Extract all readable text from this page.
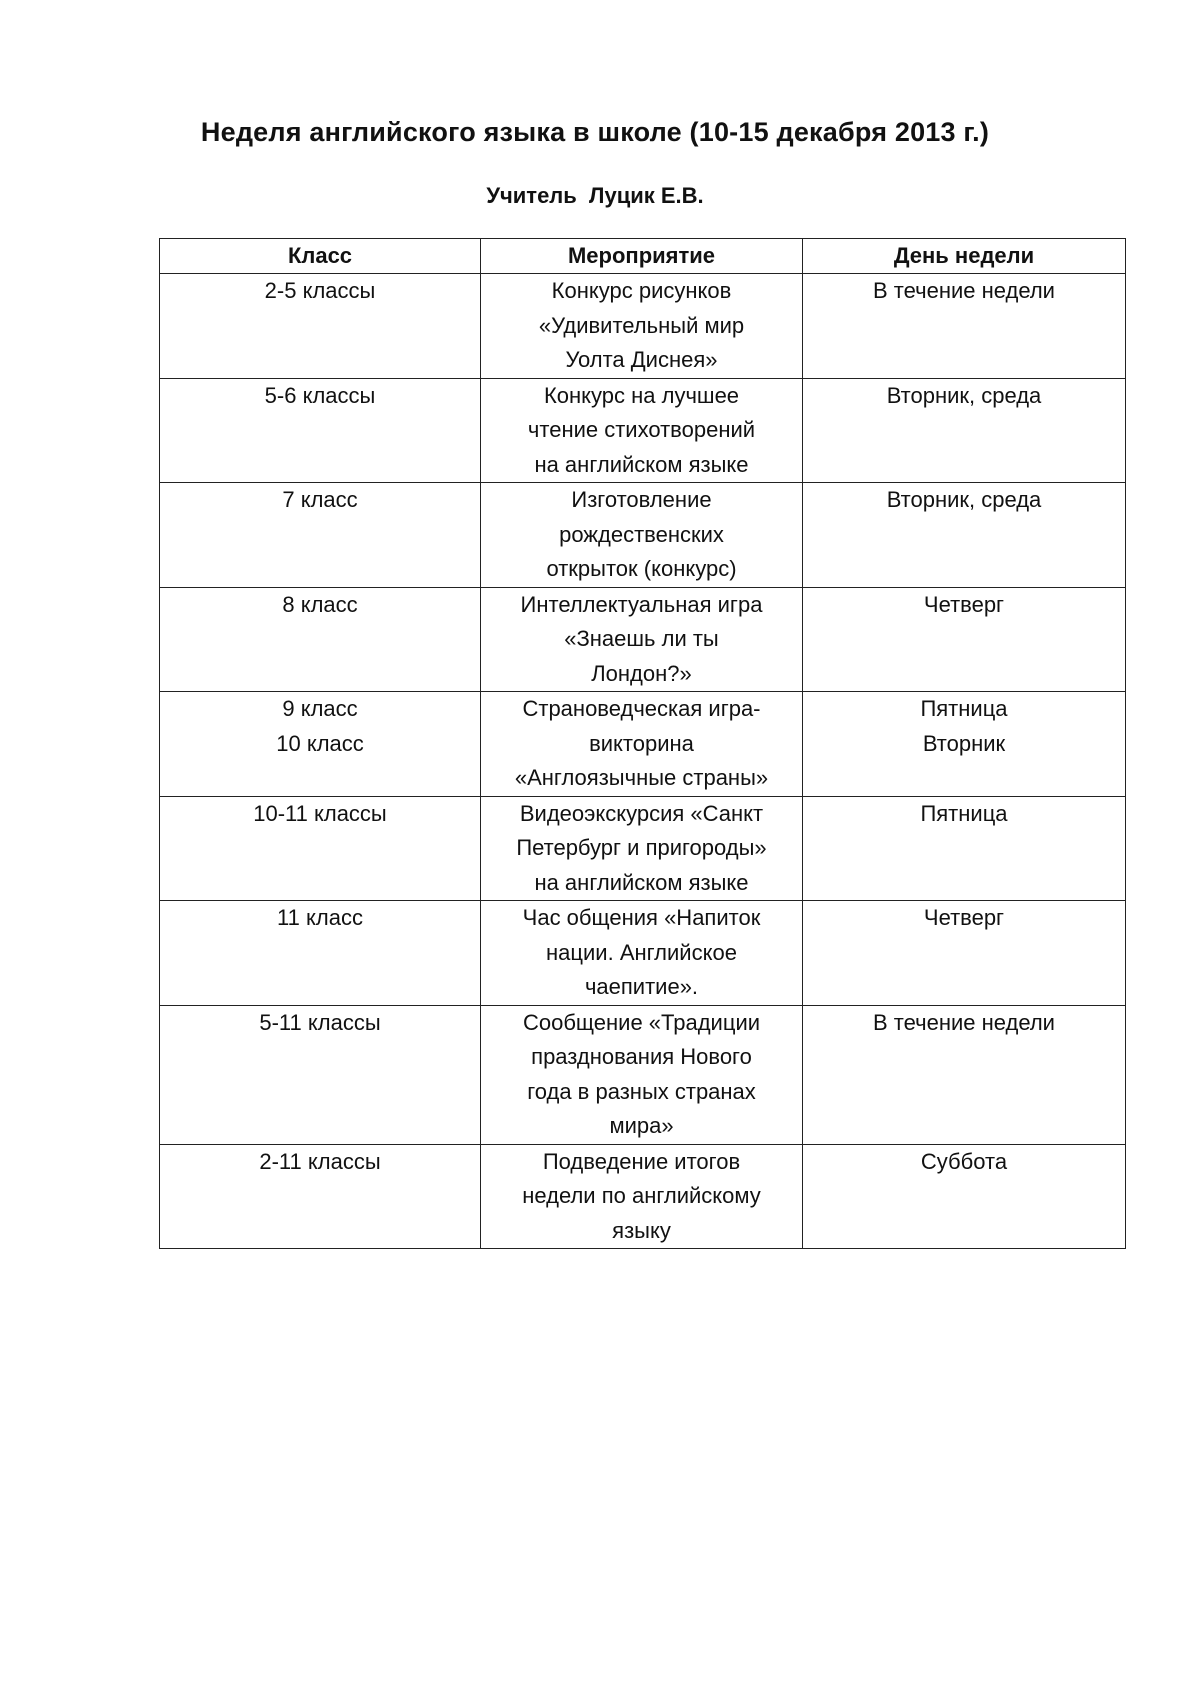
Неделя английского языка в школе (10-15 декабря 2013 г.)
Учитель  Луцик Е.В.
Класс	Мероприятие	День недели

2-5 классы	Конкурс рисунков
«Удивительный мир
Уолта Диснея»	В течение недели

5-6 классы	Конкурс на лучшее
чтение стихотворений
на английском языке	Вторник, среда

7 класс	Изготовление
рождественских
открыток (конкурс)	Вторник, среда

8 класс	Интеллектуальная игра
«Знаешь ли ты
Лондон?»	Четверг

9 класс
10 класс	Страноведческая игра-
викторина
«Англоязычные страны»	Пятница
Вторник

10-11 классы	Видеоэкскурсия «Санкт
Петербург и пригороды»
на английском языке	Пятница

11 класс	Час общения «Напиток
нации. Английское
чаепитие».	Четверг

5-11 классы	Сообщение «Традиции
празднования Нового
года в разных странах
мира»	В течение недели

2-11 классы	Подведение итогов
недели по английскому
языку	Суббота
